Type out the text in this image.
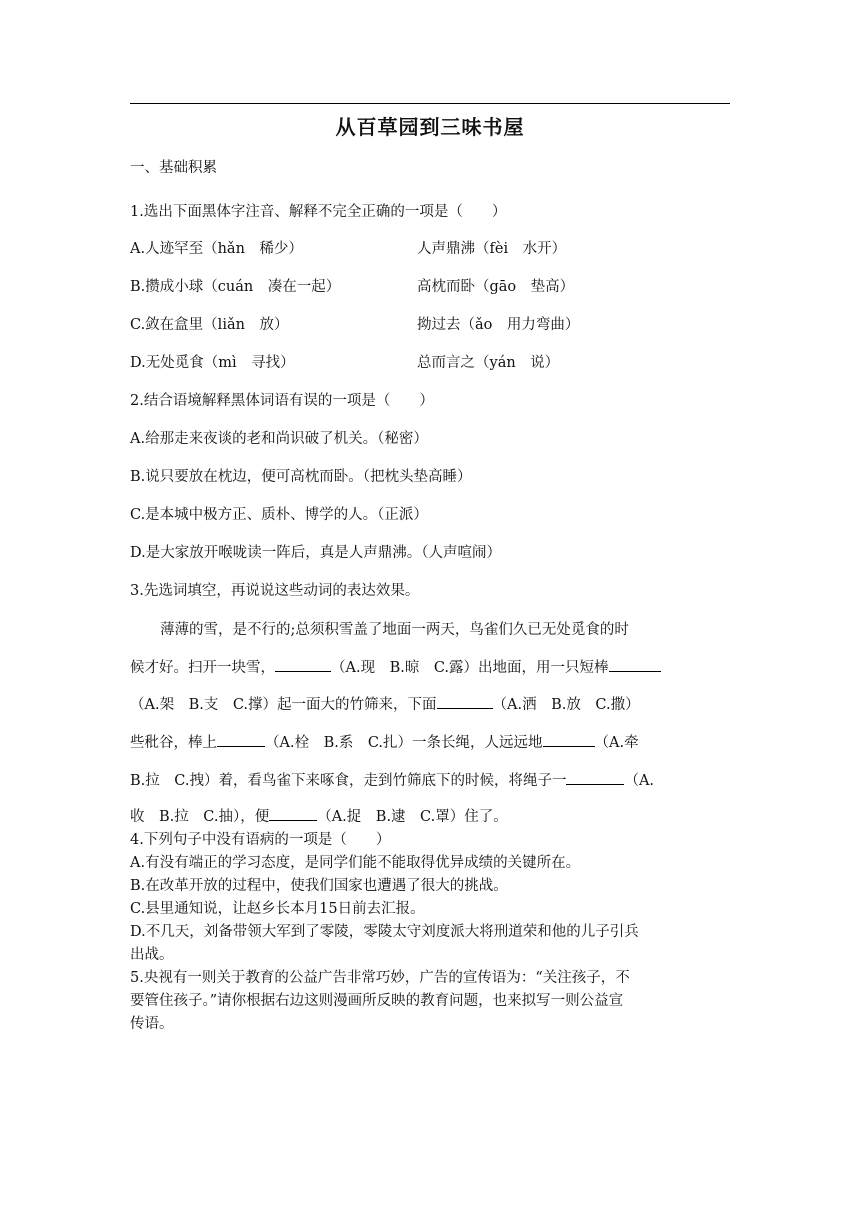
从百草园到三味书屋
一、基础积累
1.选出下面黑体字注音、解释不完全正确的一项是（　　）
A.人迹罕至（hǎn　稀少）	人声鼎沸（fèi　水开）
B.攒成小球（cuán　凑在一起）	高枕而卧（gāo　垫高）
C.敛在盒里（liǎn　放）	拗过去（ǎo　用力弯曲）
D.无处觅食（mì　寻找）	总而言之（yán　说）
2.结合语境解释黑体词语有误的一项是（　　）
A.给那走来夜谈的老和尚识破了机关。（秘密）
B.说只要放在枕边，便可高枕而卧。（把枕头垫高睡）
C.是本城中极方正、质朴、博学的人。（正派）
D.是大家放开喉咙读一阵后，真是人声鼎沸。（人声喧闹）
3.先选词填空，再说说这些动词的表达效果。
薄薄的雪，是不行的;总须积雪盖了地面一两天，鸟雀们久已无处觅食的时
候才好。扫开一块雪，	（A.现　B.晾　C.露）出地面，用一只短棒
（A.架　B.支　C.撑）起一面大的竹筛来，下面	（A.洒　B.放　C.撒）
些秕谷，棒上	（A.栓　B.系　C.扎）一条长绳，人远远地	（A.牵
B.拉　C.拽）着，看鸟雀下来啄食，走到竹筛底下的时候，将绳子一	（A.
收　B.拉　C.抽），便	（A.捉　B.逮　C.罩）住了。
4.下列句子中没有语病的一项是（　　）
A.有没有端正的学习态度，是同学们能不能取得优异成绩的关键所在。
B.在改革开放的过程中，使我们国家也遭遇了很大的挑战。
C.县里通知说，让赵乡长本月15日前去汇报。
D.不几天，刘备带领大军到了零陵，零陵太守刘度派大将刑道荣和他的儿子引兵
出战。
5.央视有一则关于教育的公益广告非常巧妙，广告的宣传语为：“关注孩子，不
要管住孩子。”请你根据右边这则漫画所反映的教育问题，也来拟写一则公益宣
传语。
